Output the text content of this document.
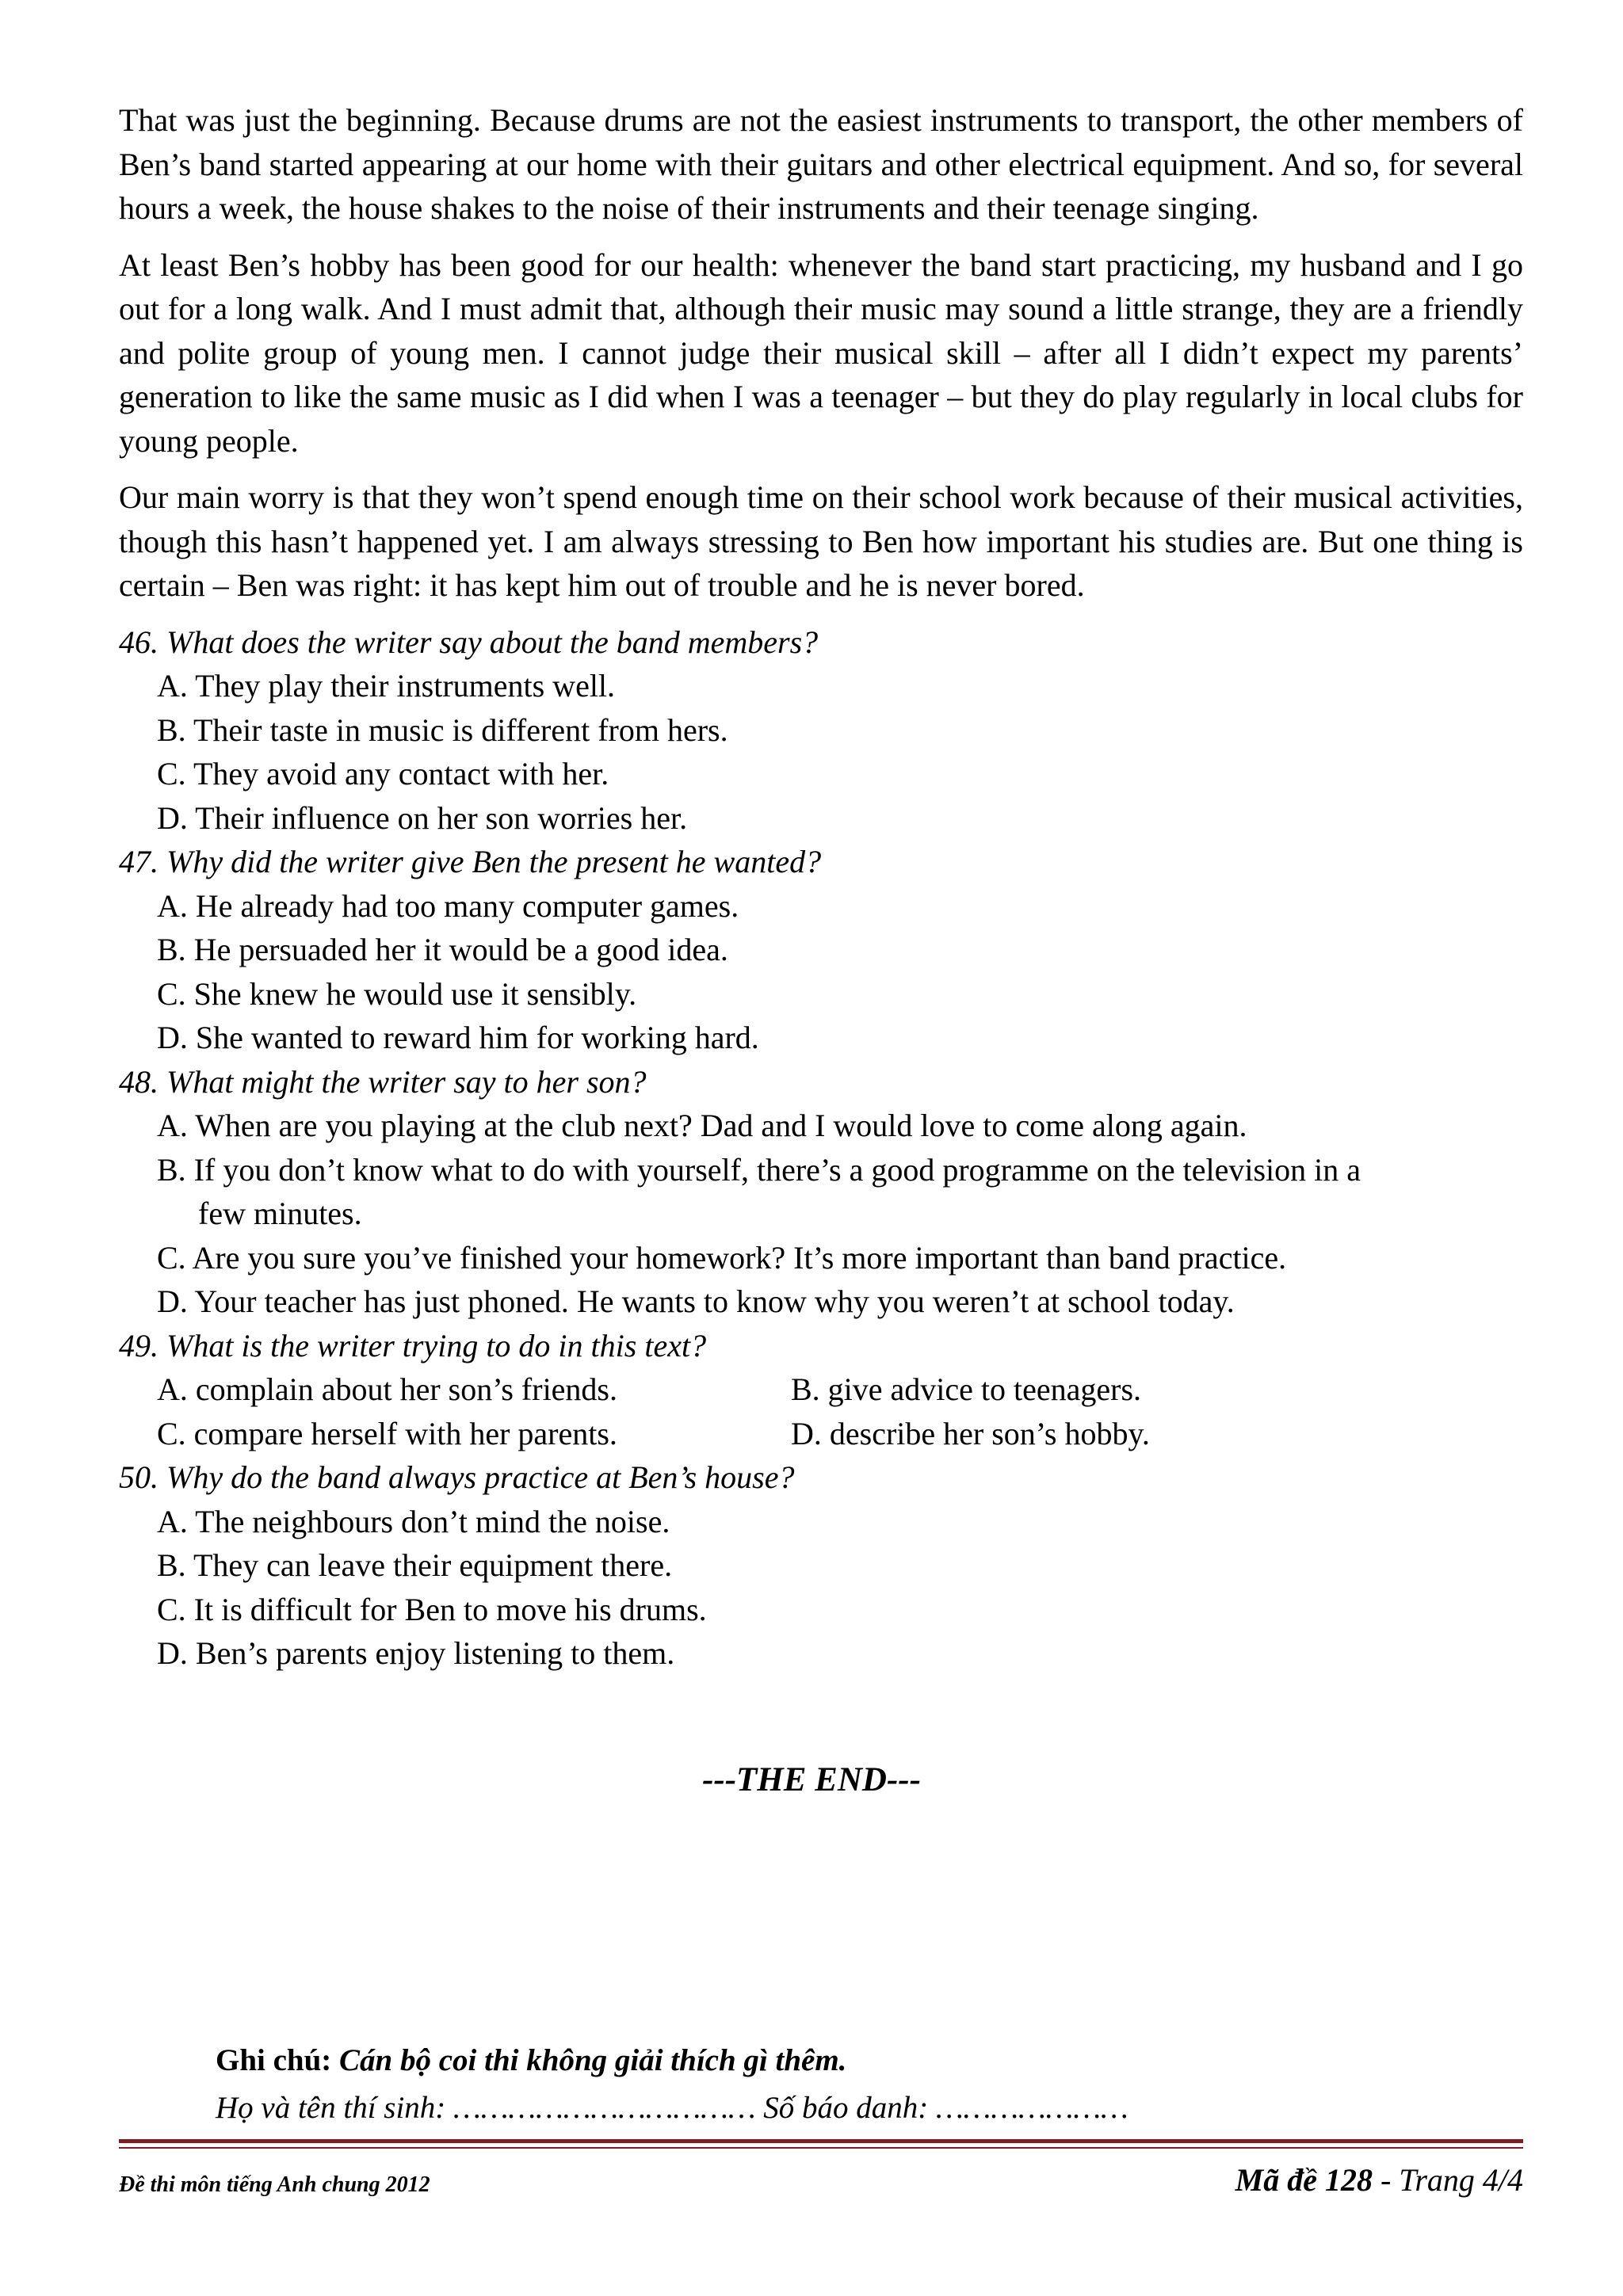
That was just the beginning. Because drums are not the easiest instruments to transport, the other members of Ben’s band started appearing at our home with their guitars and other electrical equipment. And so, for several hours a week, the house shakes to the noise of their instruments and their teenage singing.

At least Ben’s hobby has been good for our health: whenever the band start practicing, my husband and I go out for a long walk. And I must admit that, although their music may sound a little strange, they are a friendly and polite group of young men. I cannot judge their musical skill – after all I didn’t expect my parents’ generation to like the same music as I did when I was a teenager – but they do play regularly in local clubs for young people.

Our main worry is that they won’t spend enough time on their school work because of their musical activities, though this hasn’t happened yet. I am always stressing to Ben how important his studies are. But one thing is certain – Ben was right: it has kept him out of trouble and he is never bored.

46. What does the writer say about the band members?

A. They play their instruments well.

B. Their taste in music is different from hers.

C. They avoid any contact with her.

D. Their influence on her son worries her.

47. Why did the writer give Ben the present he wanted?

A. He already had too many computer games.

B. He persuaded her it would be a good idea.

C. She knew he would use it sensibly.

D. She wanted to reward him for working hard.

48. What might the writer say to her son?

A. When are you playing at the club next? Dad and I would love to come along again.

B. If you don’t know what to do with yourself, there’s a good programme on the television in a
few minutes.

C. Are you sure you’ve finished your homework? It’s more important than band practice.

D. Your teacher has just phoned. He wants to know why you weren’t at school today.

49. What is the writer trying to do in this text?

A. complain about her son’s friends.	B. give advice to teenagers.
C. compare herself with her parents.	D. describe her son’s hobby.

50. Why do the band always practice at Ben’s house?

A. The neighbours don’t mind the noise.

B. They can leave their equipment there.

C. It is difficult for Ben to move his drums.

D. Ben’s parents enjoy listening to them.

---THE END---
Ghi chú: Cán bộ coi thi không giải thích gì thêm.
Họ và tên thí sinh: …………………………… Số báo danh: …………………
Đề thi môn tiếng Anh chung 2012	Mã đề 128 - Trang 4/4
